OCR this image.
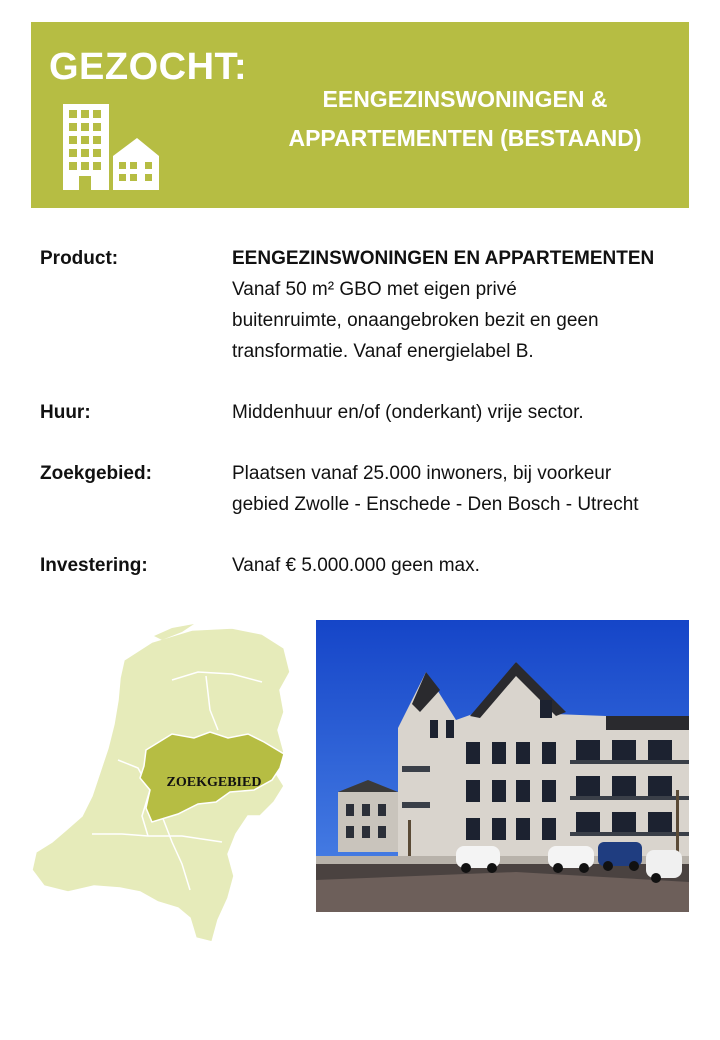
GEZOCHT:
EENGEZINSWONINGEN &
APPARTEMENTEN (BESTAAND)
Product:	EENGEZINSWONINGEN EN APPARTEMENTEN
Vanaf 50 m² GBO met eigen privé
buitenruimte, onaangebroken bezit en geen
transformatie. Vanaf energielabel B.
Huur:	Middenhuur en/of (onderkant) vrije sector.
Zoekgebied:	Plaatsen vanaf 25.000 inwoners, bij voorkeur
gebied Zwolle - Enschede - Den Bosch - Utrecht
Investering:	Vanaf € 5.000.000 geen max.
ZOEKGEBIED
